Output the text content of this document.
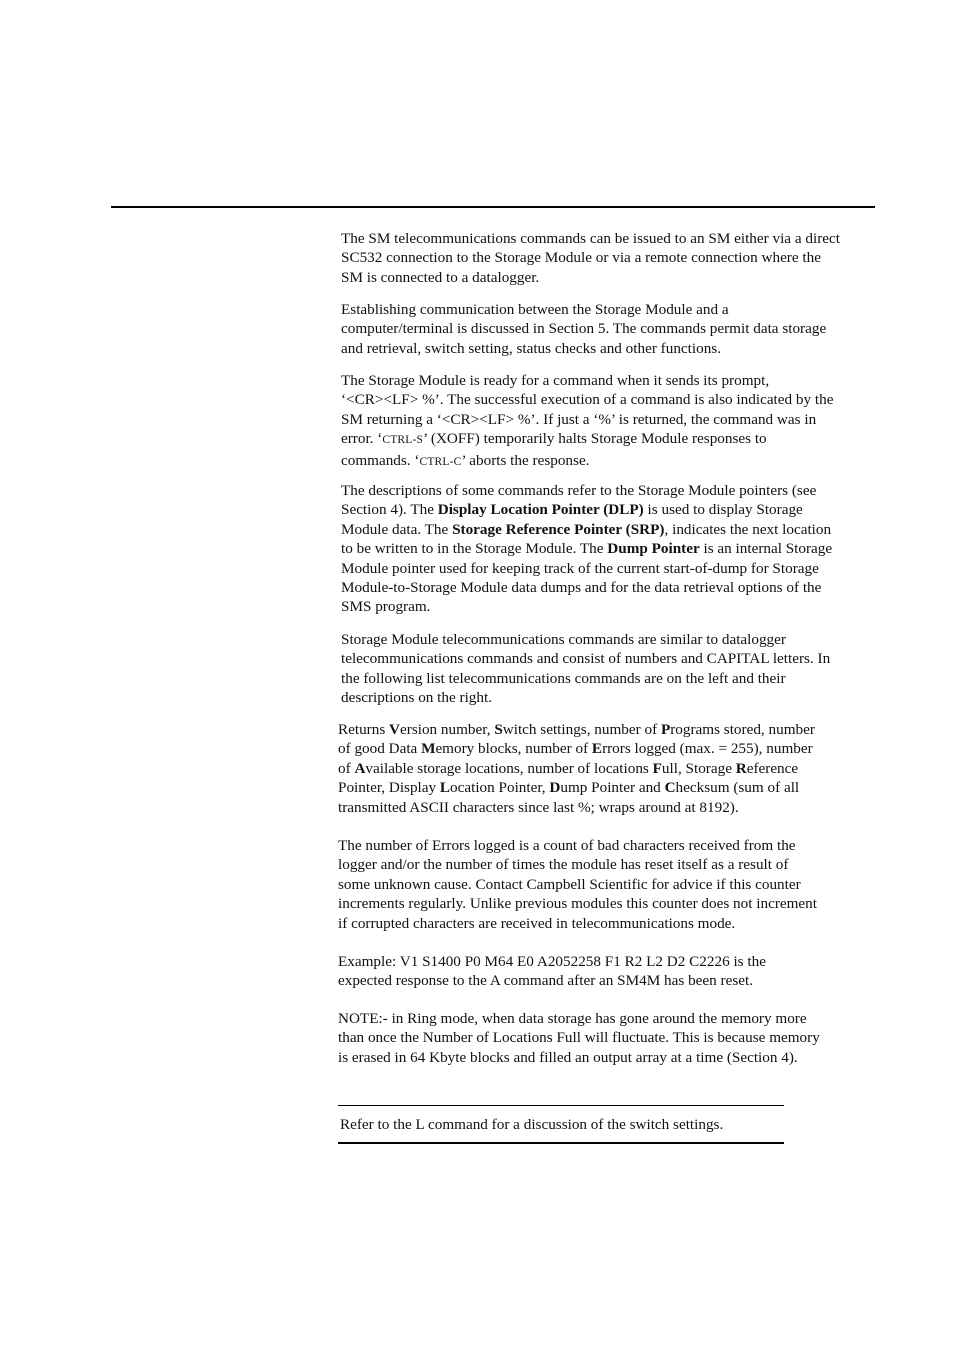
The SM telecommunications commands can be issued to an SM either via a direct
SC532 connection to the Storage Module or via a remote connection where the
SM is connected to a datalogger.
Establishing communication between the Storage Module and a
computer/terminal is discussed in Section 5. The commands permit data storage
and retrieval, switch setting, status checks and other functions.
The Storage Module is ready for a command when it sends its prompt,
‘<CR><LF> %’. The successful execution of a command is also indicated by the
SM returning a ‘<CR><LF> %’. If just a ‘%’ is returned, the command was in
error. ‘CTRL-S’ (XOFF) temporarily halts Storage Module responses to
commands. ‘CTRL-C’ aborts the response.
The descriptions of some commands refer to the Storage Module pointers (see
Section 4). The Display Location Pointer (DLP) is used to display Storage
Module data. The Storage Reference Pointer (SRP), indicates the next location
to be written to in the Storage Module. The Dump Pointer is an internal Storage
Module pointer used for keeping track of the current start-of-dump for Storage
Module-to-Storage Module data dumps and for the data retrieval options of the
SMS program.
Storage Module telecommunications commands are similar to datalogger
telecommunications commands and consist of numbers and CAPITAL letters. In
the following list telecommunications commands are on the left and their
descriptions on the right.
Returns Version number, Switch settings, number of Programs stored, number
of good Data Memory blocks, number of Errors logged (max. = 255), number
of Available storage locations, number of locations Full, Storage Reference
Pointer, Display Location Pointer, Dump Pointer and Checksum (sum of all
transmitted ASCII characters since last %; wraps around at 8192).
The number of Errors logged is a count of bad characters received from the
logger and/or the number of times the module has reset itself as a result of
some unknown cause. Contact Campbell Scientific for advice if this counter
increments regularly. Unlike previous modules this counter does not increment
if corrupted characters are received in telecommunications mode.
Example: V1 S1400 P0 M64 E0 A2052258 F1 R2 L2 D2 C2226 is the
expected response to the A command after an SM4M has been reset.
NOTE:- in Ring mode, when data storage has gone around the memory more
than once the Number of Locations Full will fluctuate. This is because memory
is erased in 64 Kbyte blocks and filled an output array at a time (Section 4).
Refer to the L command for a discussion of the switch settings.
